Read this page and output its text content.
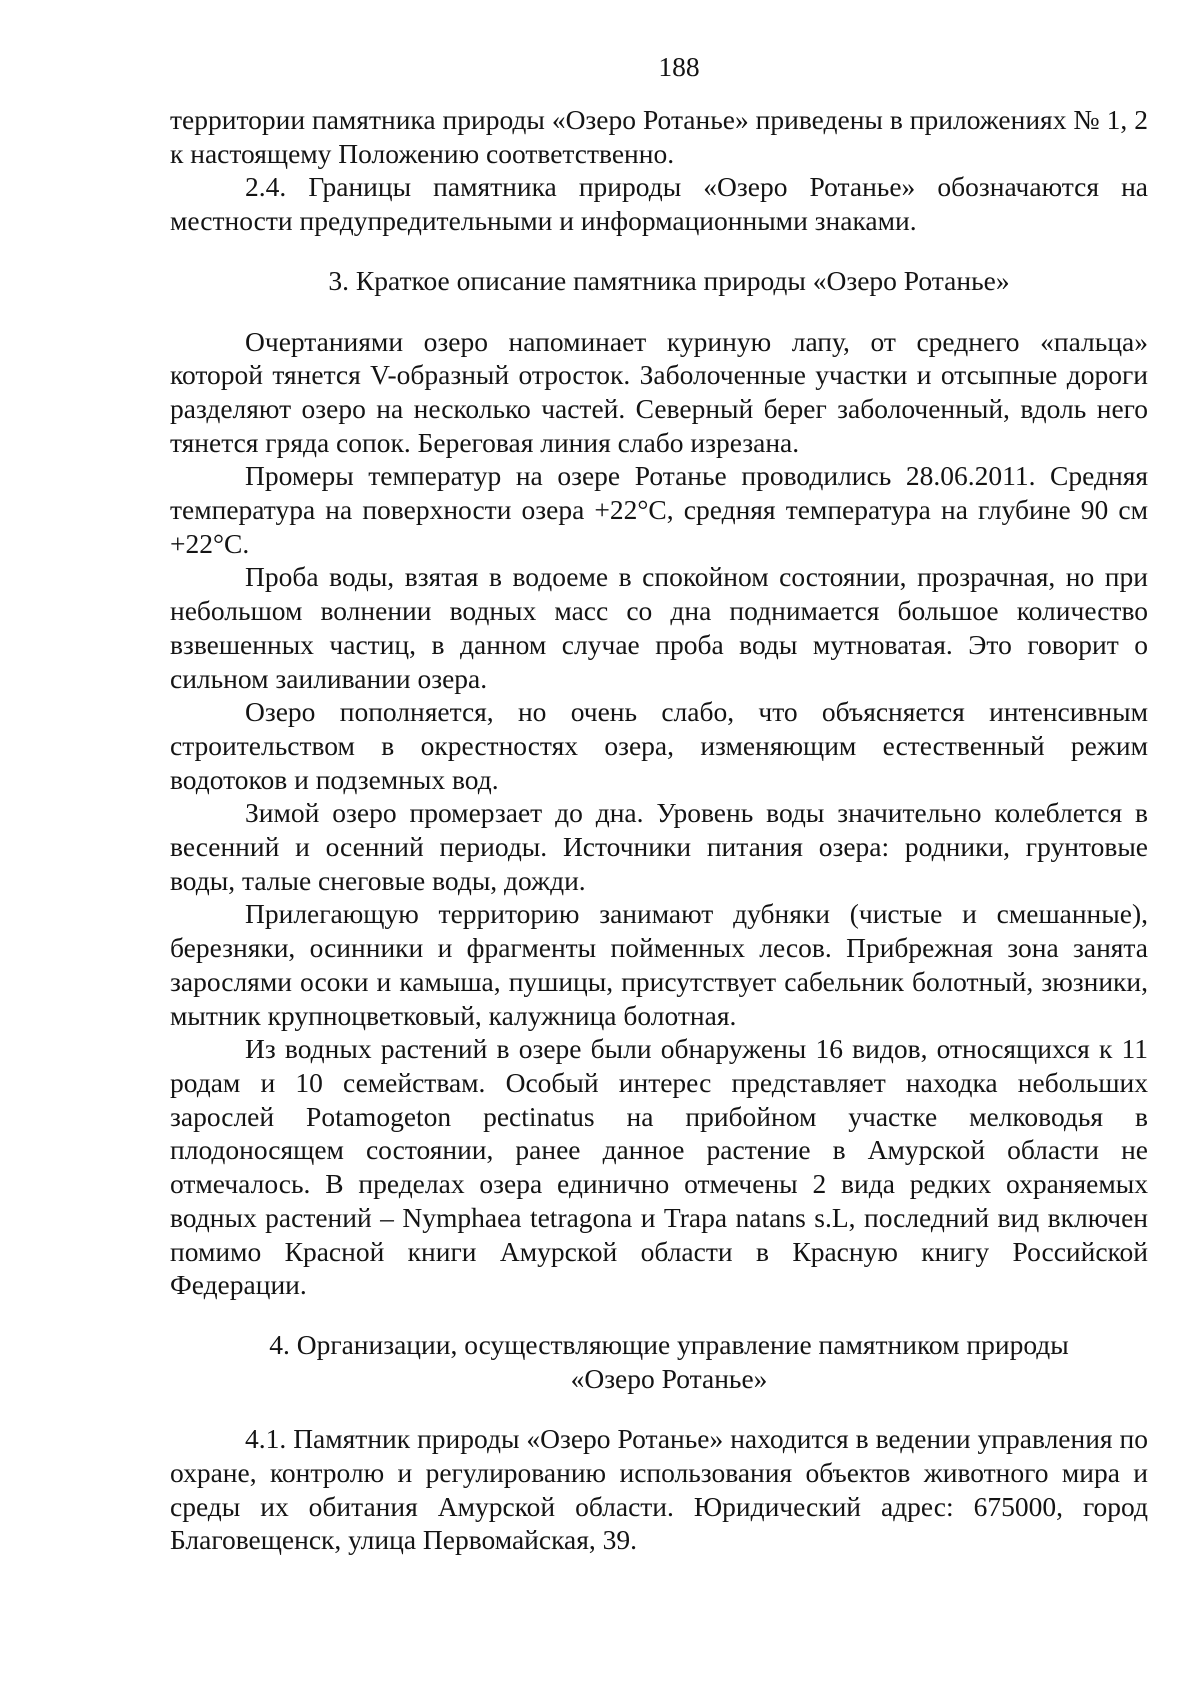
188

территории памятника природы «Озеро Ротанье» приведены в приложениях № 1, 2 к настоящему Положению соответственно.

2.4. Границы памятника природы «Озеро Ротанье» обозначаются на местности предупредительными и информационными знаками.

3. Краткое описание памятника природы «Озеро Ротанье»

Очертаниями озеро напоминает куриную лапу, от среднего «пальца» которой тянется V-образный отросток. Заболоченные участки и отсыпные дороги разделяют озеро на несколько частей. Северный берег заболоченный, вдоль него тянется гряда сопок. Береговая линия слабо изрезана.

Промеры температур на озере Ротанье проводились 28.06.2011. Средняя температура на поверхности озера +22°С, средняя температура на глубине 90 см +22°С.

Проба воды, взятая в водоеме в спокойном состоянии, прозрачная, но при небольшом волнении водных масс со дна поднимается большое количество взвешенных частиц, в данном случае проба воды мутноватая. Это говорит о сильном заиливании озера.

Озеро пополняется, но очень слабо, что объясняется интенсивным строительством в окрестностях озера, изменяющим естественный режим водотоков и подземных вод.

Зимой озеро промерзает до дна. Уровень воды значительно колеблется в весенний и осенний периоды. Источники питания озера: родники, грунтовые воды, талые снеговые воды, дожди.

Прилегающую территорию занимают дубняки (чистые и смешанные), березняки, осинники и фрагменты пойменных лесов. Прибрежная зона занята зарослями осоки и камыша, пушицы, присутствует сабельник болотный, зюзники, мытник крупноцветковый, калужница болотная.

Из водных растений в озере были обнаружены 16 видов, относящихся к 11 родам и 10 семействам. Особый интерес представляет находка небольших зарослей Potamogeton pectinatus на прибойном участке мелководья в плодоносящем состоянии, ранее данное растение в Амурской области не отмечалось. В пределах озера единично отмечены 2 вида редких охраняемых водных растений – Nymphaea tetragona и Trapa natans s.L, последний вид включен помимо Красной книги Амурской области в Красную книгу Российской Федерации.

4. Организации, осуществляющие управление памятником природы
«Озеро Ротанье»

4.1. Памятник природы «Озеро Ротанье» находится в ведении управления по охране, контролю и регулированию использования объектов животного мира и среды их обитания Амурской области. Юридический адрес: 675000, город Благовещенск, улица Первомайская, 39.
